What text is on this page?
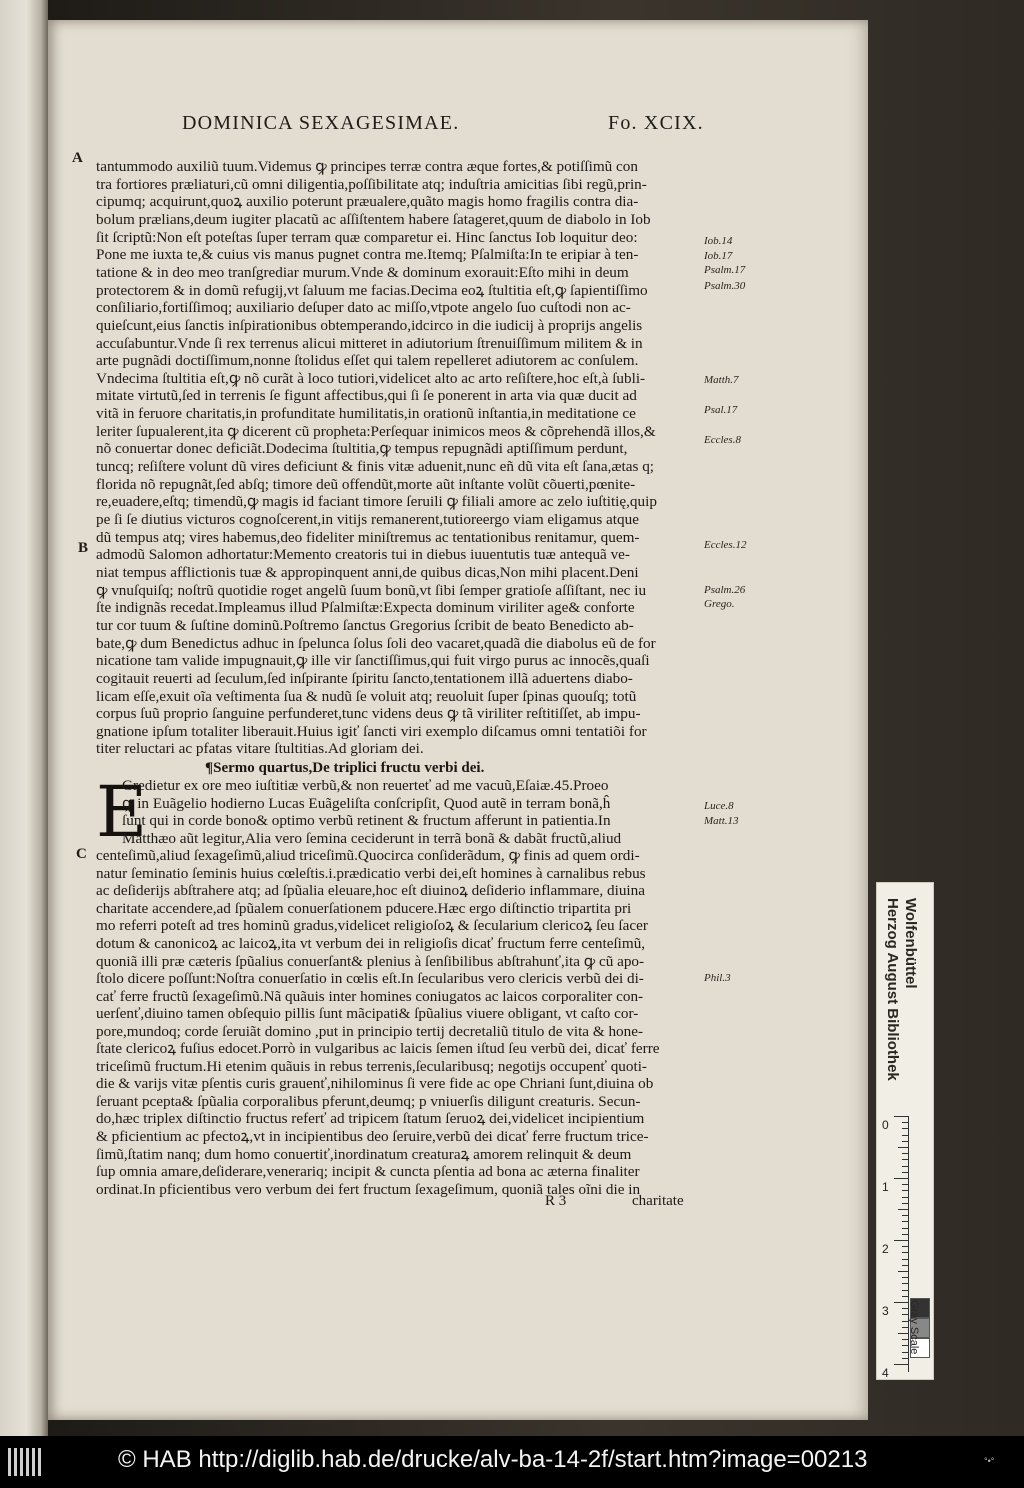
DOMINICA SEXAGESIMAE.	Fo. XCIX.
A
B
C
tantummodo auxiliũ tuum.Videmus ꝙ principes terræ contra æque fortes,& potiſſimũ con
tra fortiores præliaturi,cũ omni diligentia,poſſibilitate atq; induſtria amicitias ſibi regũ,prin-
cipumq; acquirunt,quoꝝ auxilio poterunt præualere,quãto magis homo fragilis contra dia-
bolum prælians,deum iugiter placatũ ac aſſiſtentem habere ſatageret,quum de diabolo in Iob
ſit ſcriptũ:Non eſt poteſtas ſuper terram quæ comparetur ei. Hinc ſanctus Iob loquitur deo:
Pone me iuxta te,& cuius vis manus pugnet contra me.Itemq; Pſalmiſta:In te eripiar à ten-
tatione & in deo meo tranſgrediar murum.Vnde & dominum exorauit:Eſto mihi in deum
protectorem & in domũ refugij,vt ſaluum me facias.Decima eoꝝ ſtultitia eſt,ꝙ ſapientiſſimo
conſiliario,fortiſſimoq; auxiliario deſuper dato ac miſſo,vtpote angelo ſuo cuſtodi non ac-
quieſcunt,eius ſanctis inſpirationibus obtemperando,idcirco in die iudicij à proprijs angelis
accuſabuntur.Vnde ſi rex terrenus alicui mitteret in adiutorium ſtrenuiſſimum militem & in
arte pugnãdi doctiſſimum,nonne ſtolidus eſſet qui talem repelleret adiutorem ac conſulem.
Vndecima ſtultitia eſt,ꝙ nõ curãt à loco tutiori,videlicet alto ac arto reſiſtere,hoc eſt,à ſubli-
mitate virtutũ,ſed in terrenis ſe figunt affectibus,qui ſi ſe ponerent in arta via quæ ducit ad
vitã in feruore charitatis,in profunditate humilitatis,in orationũ inſtantia,in meditatione ce
leriter ſupualerent,ita ꝙ dicerent cũ propheta:Perſequar inimicos meos & cõprehendã illos,&
nõ conuertar donec deficiãt.Dodecima ſtultitia,ꝙ tempus repugnãdi aptiſſimum perdunt,
tuncq; reſiſtere volunt dũ vires deficiunt & finis vitæ aduenit,nunc eñ dũ vita eſt ſana,ætas q;
florida nõ repugnãt,ſed abſq; timore deũ offendũt,morte aũt inſtante volũt cõuerti,pœnite-
re,euadere,eſtq; timendũ,ꝙ magis id faciant timore ſeruili ꝙ filiali amore ac zelo iuſtitię,quip
pe ſi ſe diutius victuros cognoſcerent,in vitijs remanerent,tutioreergo viam eligamus atque
dũ tempus atq; vires habemus,deo fideliter miniſtremus ac tentationibus renitamur, quem-
admodũ Salomon adhortatur:Memento creatoris tui in diebus iuuentutis tuæ antequã ve-
niat tempus afflictionis tuæ & appropinquent anni,de quibus dicas,Non mihi placent.Deni
ꝙ vnuſquiſq; noſtrũ quotidie roget angelũ ſuum bonũ,vt ſibi ſemper gratioſe aſſiſtant, nec iu
ſte indignãs recedat.Impleamus illud Pſalmiſtæ:Expecta dominum viriliter age& conforte
tur cor tuum & ſuſtine dominũ.Poſtremo ſanctus Gregorius ſcribit de beato Benedicto ab-
bate,ꝙ dum Benedictus adhuc in ſpelunca ſolus ſoli deo vacaret,quadã die diabolus eũ de for
nicatione tam valide impugnauit,ꝙ ille vir ſanctiſſimus,qui fuit virgo purus ac innocẽs,quaſi
cogitauit reuerti ad ſeculum,ſed inſpirante ſpiritu ſancto,tentationem illã aduertens diabo-
licam eſſe,exuit oĩa veſtimenta ſua & nudũ ſe voluit atq; reuoluit ſuper ſpinas quouſq; totũ
corpus ſuũ proprio ſanguine perfunderet,tunc videns deus ꝙ tã viriliter reſtitiſſet, ab impu-
gnatione ipſum totaliter liberauit.Huius igiť ſancti viri exemplo diſcamus omni tentatiõi for
titer reluctari ac pfatas vitare ſtultitias.Ad gloriam dei.
¶Sermo quartus,De triplici fructu verbi dei.
E
Gredietur ex ore meo iuſtitiæ verbũ,& non reuerteť ad me vacuũ,Eſaiæ.45.Proeo
ꝙ in Euãgelio hodierno Lucas Euãgeliſta conſcripſit, Quod autẽ in terram bonã,ĥ
ſunt qui in corde bono& optimo verbũ retinent & fructum afferunt in patientia.In
Matthæo aũt legitur,Alia vero ſemina ceciderunt in terrã bonã & dabãt fructũ,aliud
centeſimũ,aliud ſexageſimũ,aliud triceſimũ.Quocirca conſiderãdum, ꝙ finis ad quem ordi-
natur ſeminatio ſeminis huius cœleſtis.i.prædicatio verbi dei,eſt homines à carnalibus rebus
ac deſiderijs abſtrahere atq; ad ſpũalia eleuare,hoc eſt diuinoꝝ deſiderio inflammare, diuina
charitate accendere,ad ſpũalem conuerſationem pducere.Hæc ergo diſtinctio tripartita pri
mo referri poteſt ad tres hominũ gradus,videlicet religioſoꝝ & ſecularium clericoꝝ ſeu ſacer
dotum & canonicoꝝ ac laicoꝝ,ita vt verbum dei in religioſis dicať fructum ferre centeſimũ,
quoniã illi præ cæteris ſpũalius conuerſant& plenius à ſenſibilibus abſtrahunť,ita ꝙ cũ apo-
ſtolo dicere poſſunt:Noſtra conuerſatio in cœlis eſt.In ſecularibus vero clericis verbũ dei di-
cať ferre fructũ ſexageſimũ.Nã quãuis inter homines coniugatos ac laicos corporaliter con-
uerſenť,diuino tamen obſequio pillis ſunt mãcipati& ſpũalius viuere obligant, vt caſto cor-
pore,mundoq; corde ſeruiãt domino ,put in principio tertij decretaliũ titulo de vita & hone-
ſtate clericoꝝ fuſius edocet.Porrò in vulgaribus ac laicis ſemen iſtud ſeu verbũ dei, dicať ferre
triceſimũ fructum.Hi etenim quãuis in rebus terrenis,ſecularibusq; negotijs occupenť quoti-
die & varijs vitæ pſentis curis grauenť,nihilominus ſi vere fide ac ope Chriani ſunt,diuina ob
ſeruant pcepta& ſpũalia corporalibus pferunt,deumq; p vniuerſis diligunt creaturis. Secun-
do,hæc triplex diſtinctio fructus referť ad tripicem ſtatum ſeruoꝝ dei,videlicet incipientium
& pficientium ac pfectoꝝ,vt in incipientibus deo ſeruire,verbũ dei dicať ferre fructum trice-
ſimũ,ſtatim nanq; dum homo conuertiť,inordinatum creaturaꝝ amorem relinquit & deum
ſup omnia amare,deſiderare,venerariq; incipit & cuncta pſentia ad bona ac æterna finaliter
ordinat.In pficientibus vero verbum dei fert fructum ſexageſimum, quoniã tales oĩni die in
Iob.14
Iob.17
Psalm.17
Psalm.30
Matth.7
Psal.17
Eccles.8
Eccles.12
Psalm.26
Grego.
Luce.8
Matt.13
Phil.3
R 3	charitate
Herzog August Bibliothek Wolfenbüttel
0
1
2
3
4
Gray Scale
© HAB http://diglib.hab.de/drucke/alv-ba-14-2f/start.htm?image=00213	°•°
